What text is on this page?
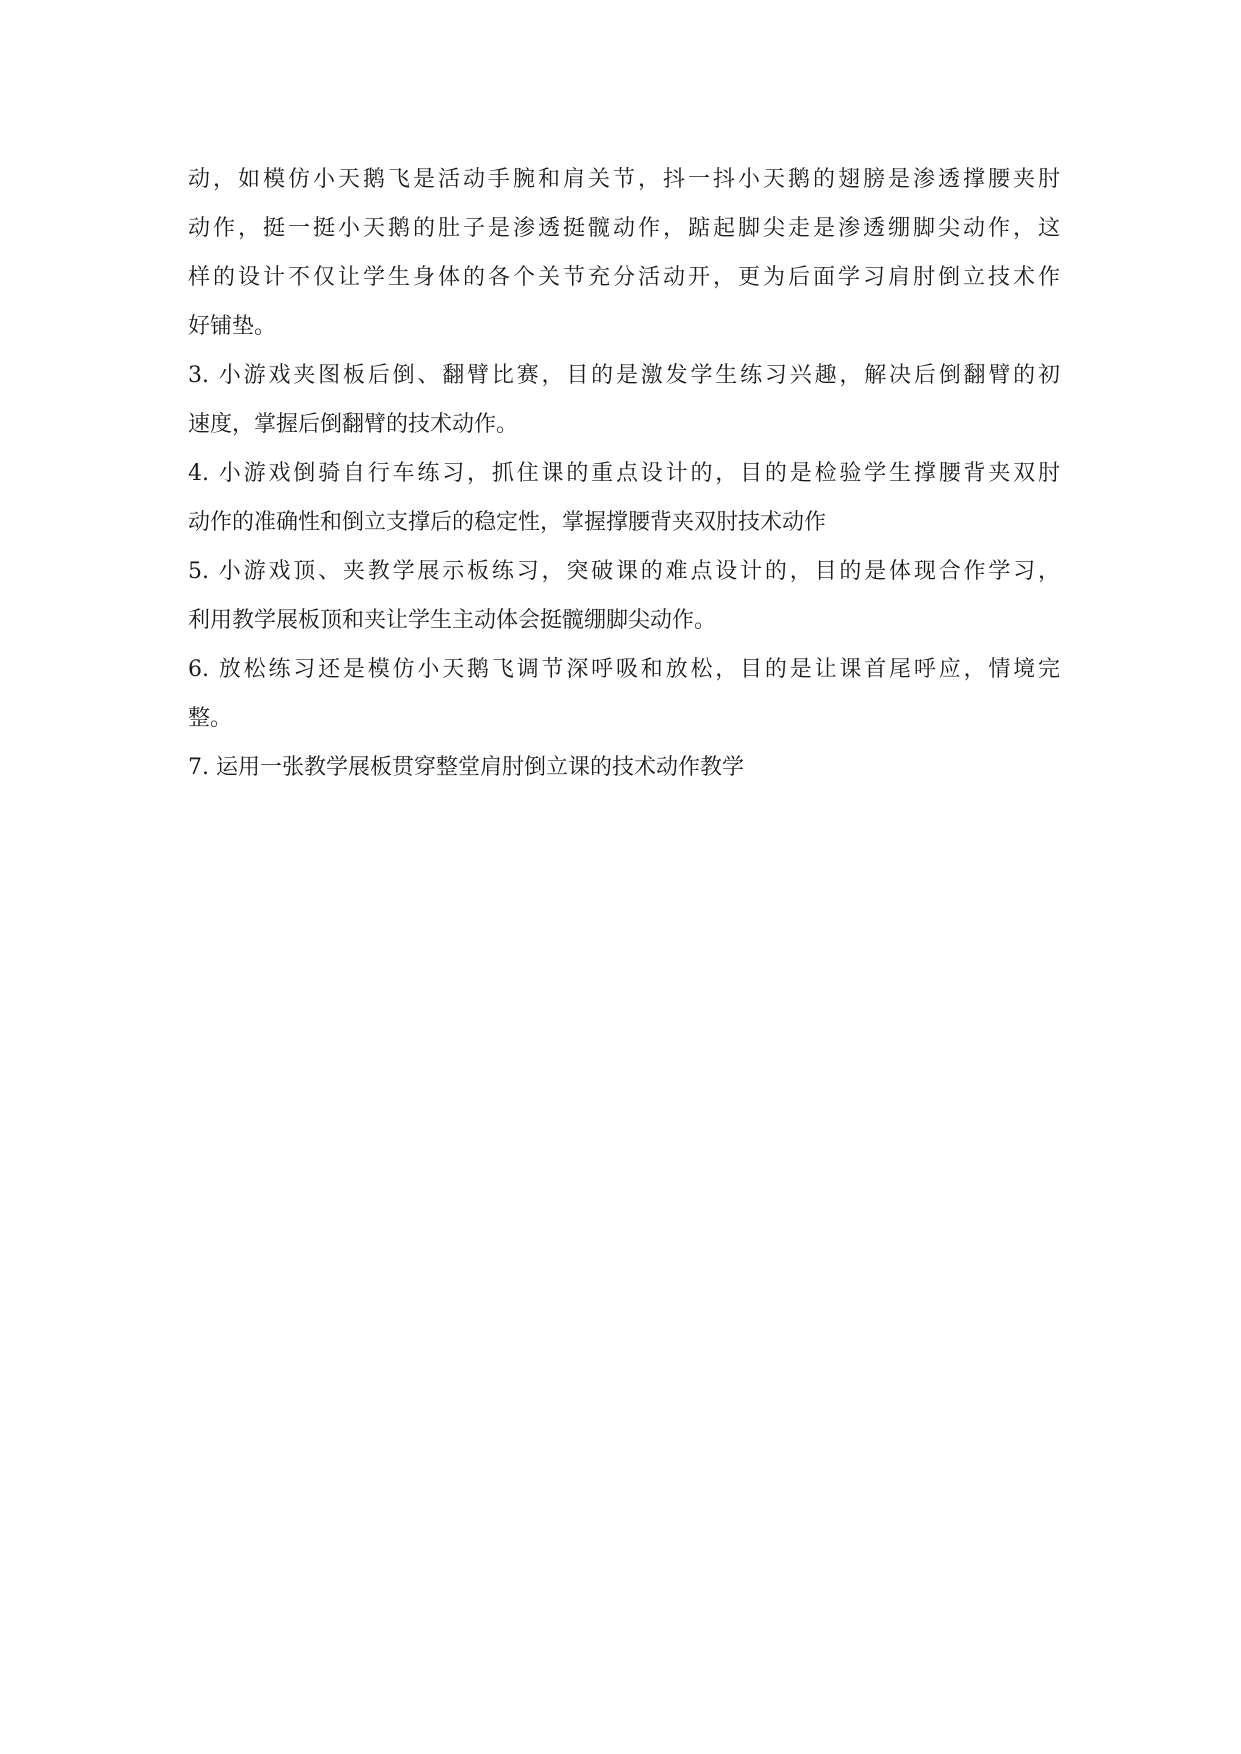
动，如模仿小天鹅飞是活动手腕和肩关节，抖一抖小天鹅的翅膀是渗透撑腰夹肘
动作，挺一挺小天鹅的肚子是渗透挺髋动作，踮起脚尖走是渗透绷脚尖动作，这
样的设计不仅让学生身体的各个关节充分活动开，更为后面学习肩肘倒立技术作
好铺垫。
3. 小游戏夹图板后倒、翻臂比赛，目的是激发学生练习兴趣，解决后倒翻臂的初
速度，掌握后倒翻臂的技术动作。
4. 小游戏倒骑自行车练习，抓住课的重点设计的，目的是检验学生撑腰背夹双肘
动作的准确性和倒立支撑后的稳定性，掌握撑腰背夹双肘技术动作
5. 小游戏顶、夹教学展示板练习，突破课的难点设计的，目的是体现合作学习，
利用教学展板顶和夹让学生主动体会挺髋绷脚尖动作。
6. 放松练习还是模仿小天鹅飞调节深呼吸和放松，目的是让课首尾呼应，情境完
整。
7. 运用一张教学展板贯穿整堂肩肘倒立课的技术动作教学
